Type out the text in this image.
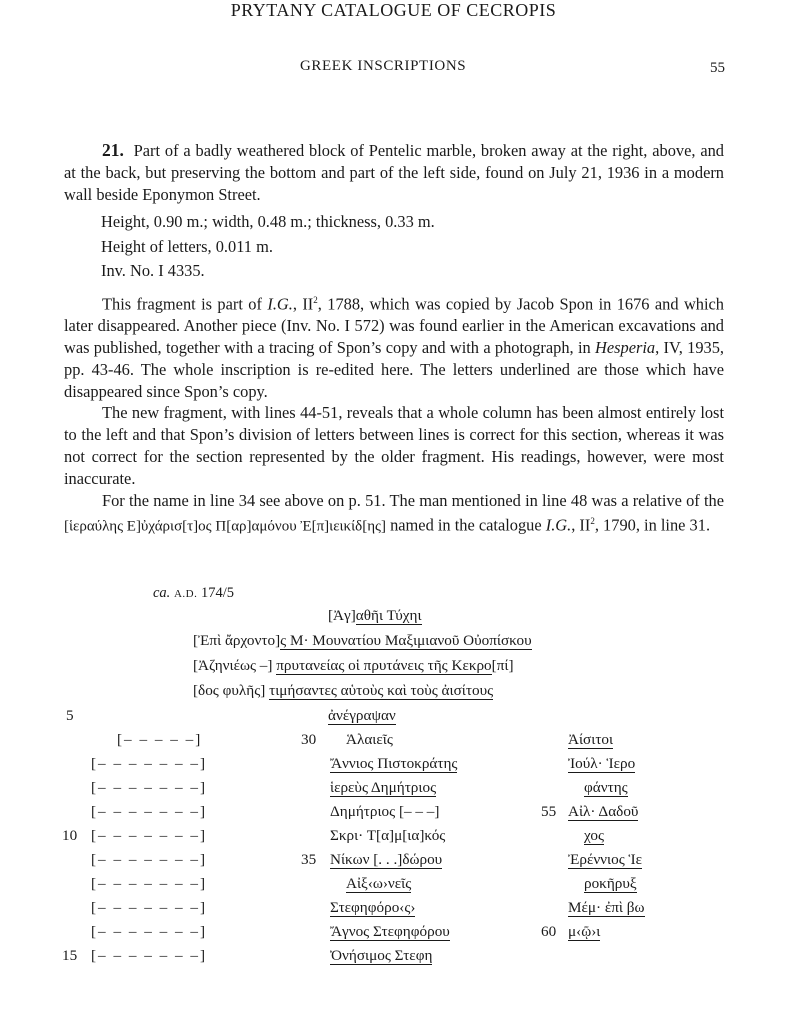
GREEK INSCRIPTIONS	55
PRYTANY CATALOGUE OF CECROPIS

21. Part of a badly weathered block of Pentelic marble, broken away at the right, above, and at the back, but preserving the bottom and part of the left side, found on July 21, 1936 in a modern wall beside Eponymon Street.

Height, 0.90 m.; width, 0.48 m.; thickness, 0.33 m.
Height of letters, 0.011 m.
Inv. No. I 4335.

This fragment is part of I.G., $II^2$, 1788, which was copied by Jacob Spon in 1676 and which later disappeared. Another piece (Inv. No. I 572) was found earlier in the American excavations and was published, together with a tracing of Spon’s copy and with a photograph, in Hesperia, IV, 1935, pp. 43-46. The whole inscription is re-edited here. The letters underlined are those which have disappeared since Spon’s copy.

The new fragment, with lines 44-51, reveals that a whole column has been almost entirely lost to the left and that Spon’s division of letters between lines is correct for this section, whereas it was not correct for the section represented by the older fragment. His readings, however, were most inaccurate.

For the name in line 34 see above on p. 51. The man mentioned in line 48 was a relative of the [ἱεραύλης Ε]ὐχάρισ[τ]ος Π[αρ]αμόνου Ἐ[π]ιεικίδ[ης] named in the catalogue I.G., $II^2$, 1790, in line 31.

ca. A.D. 174/5
[Ἀγ]αθῆι Τύχηι
[Ἐπὶ ἄρχοντο]ς Μ· Μουνατίου Μαξιμιανοῦ Οὐοπίσκου
[Ἀζηνιέως –] πρυτανείας οἱ πρυτάνεις τῆς Κεκρο[πί]
[δος φυλῆς] τιμήσαντες αὑτοὺς καὶ τοὺς ἀισίτους
ἀνέγραψαν
5
10
15
30
35
55
60
[– – – – –]
[– – – – – – –]
[– – – – – – –]
[– – – – – – –]
[– – – – – – –]
[– – – – – – –]
[– – – – – – –]
[– – – – – – –]
[– – – – – – –]
[– – – – – – –]
Ἁλαιεῖς
Ἄννιος Πιστοκράτης
ἱερεὺς Δημήτριος
Δημήτριος [– – –]
Σκρι· Τ[α]μ[ια]κός
Νίκων [. . .]δώρου
Αἰξ‹ω›νεῖς
Στεφηφόρο‹ς›
Ἄγνος Στεφηφόρου
Ὀνήσιμος Στεφη
Ἀίσιτοι
Ἰούλ· Ἱερο
φάντης
Αἰλ· Δαδοῦ
χος
Ἐρέννιος Ἱε
ροκῆρυξ
Μέμ· ἐπὶ βω
μ‹ῷ›ι
